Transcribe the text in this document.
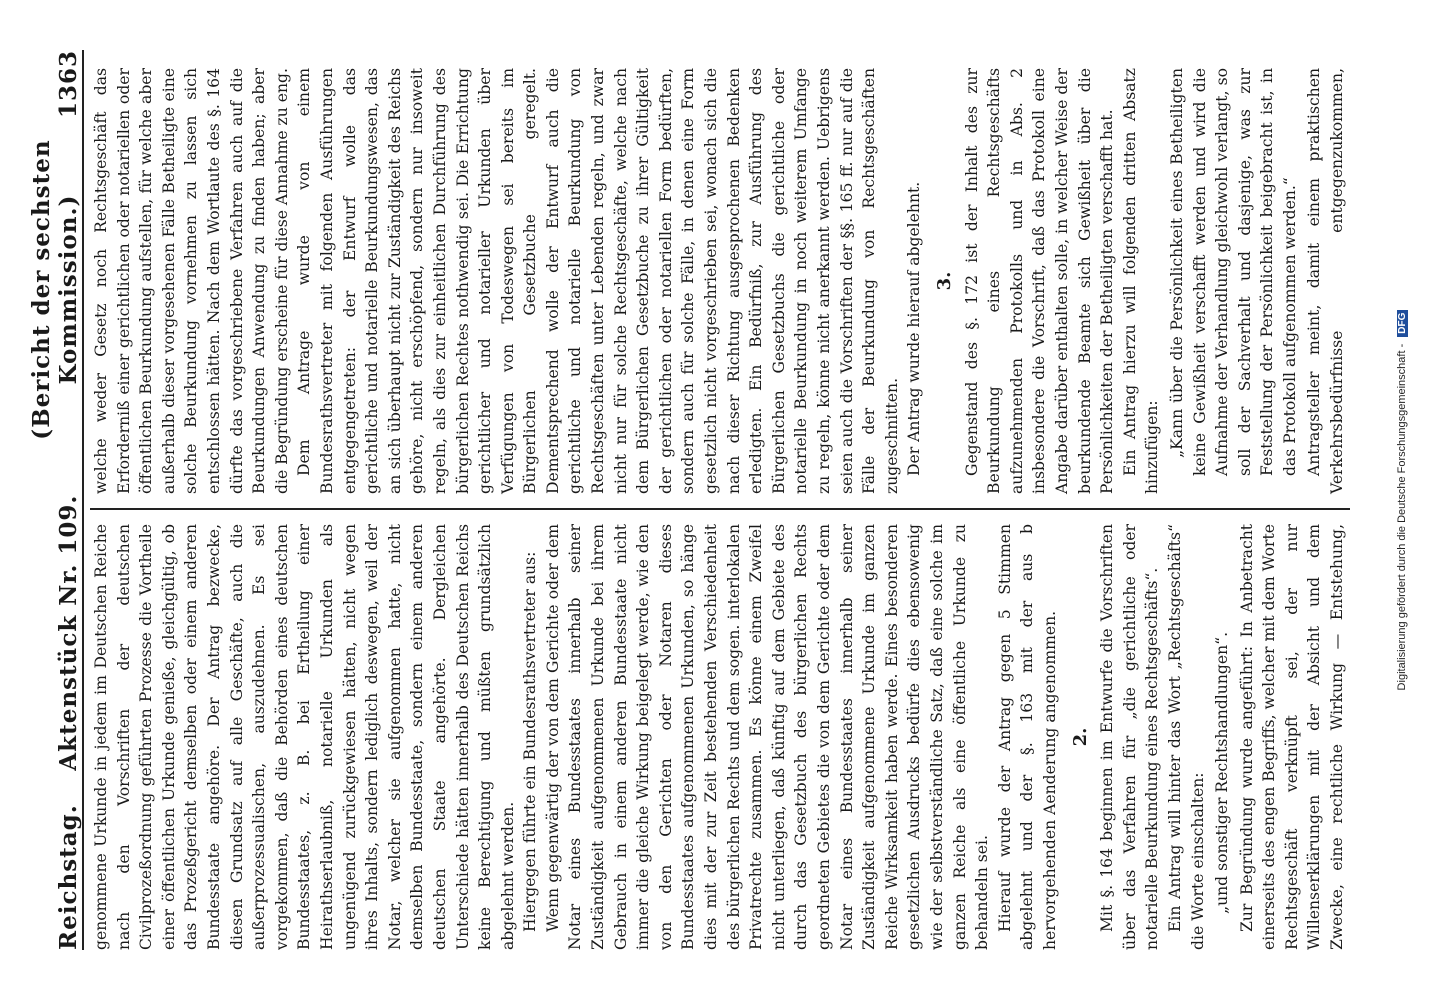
Reichstag.
Aktenstück Nr. 109.
(Bericht der sechsten Kommission.)
1363

genommene Urkunde in jedem im Deutschen Reiche nach den Vorschriften der deutschen Civilprozeßordnung geführten Prozesse die Vortheile einer öffentlichen Urkunde genieße, gleichgültig, ob das Prozeßgericht demselben oder einem anderen Bundesstaate angehöre. Der Antrag bezwecke, diesen Grundsatz auf alle Geschäfte, auch die außerprozessualischen, auszudehnen. Es sei vorgekommen, daß die Behörden eines deutschen Bundesstaates, z. B. bei Ertheilung einer Heirathserlaubniß, notarielle Urkunden als ungenügend zurückgewiesen hätten, nicht wegen ihres Inhalts, sondern lediglich deswegen, weil der Notar, welcher sie aufgenommen hatte, nicht demselben Bundesstaate, sondern einem anderen deutschen Staate angehörte. Dergleichen Unterschiede hätten innerhalb des Deutschen Reichs keine Berechtigung und müßten grundsätzlich abgelehnt werden. Hiergegen führte ein Bundesrathsvertreter aus: Wenn gegenwärtig der von dem Gerichte oder dem Notar eines Bundesstaates innerhalb seiner Zuständigkeit aufgenommenen Urkunde bei ihrem Gebrauch in einem anderen Bundesstaate nicht immer die gleiche Wirkung beigelegt werde, wie den von den Gerichten oder Notaren dieses Bundesstaates aufgenommenen Urkunden, so hänge dies mit der zur Zeit bestehenden Verschiedenheit des bürgerlichen Rechts und dem sogen. interlokalen Privatrechte zusammen. Es könne einem Zweifel nicht unterliegen, daß künftig auf dem Gebiete des durch das Gesetzbuch des bürgerlichen Rechts geordneten Gebietes die von dem Gerichte oder dem Notar eines Bundesstaates innerhalb seiner Zuständigkeit aufgenommene Urkunde im ganzen Reiche Wirksamkeit haben werde. Eines besonderen gesetzlichen Ausdrucks bedürfe dies ebensowenig wie der selbstverständliche Satz, daß eine solche im ganzen Reiche als eine öffentliche Urkunde zu behandeln sei. Hierauf wurde der Antrag gegen 5 Stimmen abgelehnt und der §. 163 mit der aus b hervorgehenden Aenderung angenommen. 2. Mit §. 164 beginnen im Entwurfe die Vorschriften über das Verfahren für „die gerichtliche oder notarielle Beurkundung eines Rechtsgeschäfts“. Ein Antrag will hinter das Wort „Rechtsgeschäfts“ die Worte einschalten: „und sonstiger Rechtshandlungen“.

Zur Begründung wurde angeführt: In Anbetracht einerseits des engen Begriffs, welcher mit dem Worte Rechtsgeschäft verknüpft sei, der nur Willenserklärungen mit der Absicht und dem Zwecke, eine rechtliche Wirkung — Entstehung,

welche weder Gesetz noch Rechtsgeschäft das Erforderniß einer gerichtlichen oder notariellen oder öffentlichen Beurkundung aufstellen, für welche aber außerhalb dieser vorgesehenen Fälle Betheiligte eine solche Beurkundung vornehmen zu lassen sich entschlossen hätten. Nach dem Wortlaute des §. 164 dürfte das vorgeschriebene Verfahren auch auf die Beurkundungen Anwendung zu finden haben; aber die Begründung erscheine für diese Annahme zu eng. Dem Antrage wurde von einem Bundesrathsvertreter mit folgenden Ausführungen entgegengetreten: der Entwurf wolle das gerichtliche und notarielle Beurkundungswesen, das an sich überhaupt nicht zur Zuständigkeit des Reichs gehöre, nicht erschöpfend, sondern nur insoweit regeln, als dies zur einheitlichen Durchführung des bürgerlichen Rechtes nothwendig sei. Die Errichtung gerichtlicher und notarieller Urkunden über Verfügungen von Todeswegen sei bereits im Bürgerlichen Gesetzbuche geregelt. Dementsprechend wolle der Entwurf auch die gerichtliche und notarielle Beurkundung von Rechtsgeschäften unter Lebenden regeln, und zwar nicht nur für solche Rechtsgeschäfte, welche nach dem Bürgerlichen Gesetzbuche zu ihrer Gültigkeit der gerichtlichen oder notariellen Form bedürften, sondern auch für solche Fälle, in denen eine Form gesetzlich nicht vorgeschrieben sei, wonach sich die nach dieser Richtung ausgesprochenen Bedenken erledigten. Ein Bedürfniß, zur Ausführung des Bürgerlichen Gesetzbuchs die gerichtliche oder notarielle Beurkundung in noch weiterem Umfange zu regeln, könne nicht anerkannt werden. Uebrigens seien auch die Vorschriften der §§. 165 ff. nur auf die Fälle der Beurkundung von Rechtsgeschäften zugeschnitten. Der Antrag wurde hierauf abgelehnt. 3. Gegenstand des §. 172 ist der Inhalt des zur Beurkundung eines Rechtsgeschäfts aufzunehmenden Protokolls und in Abs. 2 insbesondere die Vorschrift, daß das Protokoll eine Angabe darüber enthalten solle, in welcher Weise der beurkundende Beamte sich Gewißheit über die Persönlichkeiten der Betheiligten verschafft hat. Ein Antrag hierzu will folgenden dritten Absatz hinzufügen: „Kann über die Persönlichkeit eines Betheiligten keine Gewißheit verschafft werden und wird die Aufnahme der Verhandlung gleichwohl verlangt, so soll der Sachverhalt und dasjenige, was zur Feststellung der Persönlichkeit beigebracht ist, in das Protokoll aufgenommen werden.“ Antragsteller meint, damit einem praktischen Verkehrsbedürfnisse entgegenzukommen,

Digitalisierung gefördert durch die Deutsche Forschungsgemeinschaft - DFG
